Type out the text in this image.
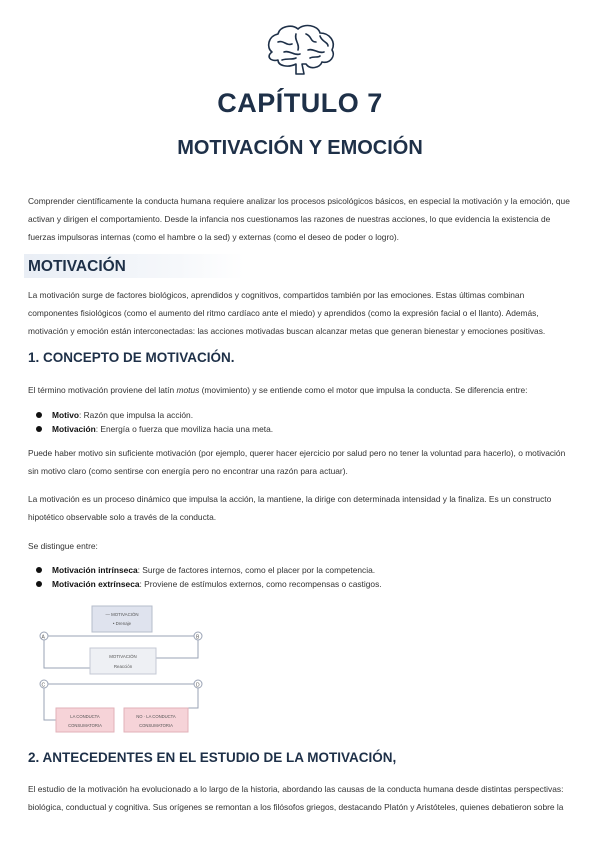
CAPÍTULO 7
MOTIVACIÓN Y EMOCIÓN

Comprender científicamente la conducta humana requiere analizar los procesos psicológicos básicos, en especial la motivación y la emoción, que activan y dirigen el comportamiento. Desde la infancia nos cuestionamos las razones de nuestras acciones, lo que evidencia la existencia de fuerzas impulsoras internas (como el hambre o la sed) y externas (como el deseo de poder o logro).

MOTIVACIÓN

La motivación surge de factores biológicos, aprendidos y cognitivos, compartidos también por las emociones. Estas últimas combinan componentes fisiológicos (como el aumento del ritmo cardíaco ante el miedo) y aprendidos (como la expresión facial o el llanto). Además, motivación y emoción están interconectadas: las acciones motivadas buscan alcanzar metas que generan bienestar y emociones positivas.

1. CONCEPTO DE MOTIVACIÓN.

El término motivación proviene del latín motus (movimiento) y se entiende como el motor que impulsa la conducta. Se diferencia entre:

Motivo: Razón que impulsa la acción.
Motivación: Energía o fuerza que moviliza hacia una meta.

Puede haber motivo sin suficiente motivación (por ejemplo, querer hacer ejercicio por salud pero no tener la voluntad para hacerlo), o motivación sin motivo claro (como sentirse con energía pero no encontrar una razón para actuar).

La motivación es un proceso dinámico que impulsa la acción, la mantiene, la dirige con determinada intensidad y la finaliza. Es un constructo hipotético observable solo a través de la conducta.

Se distingue entre:

Motivación intrínseca: Surge de factores internos, como el placer por la competencia.
Motivación extrínseca: Proviene de estímulos externos, como recompensas o castigos.
A	B
C	D
— MOTIVACIÓN
• Drenaje
MOTIVACIÓN
Reacción
LA CONDUCTA
CONSUMATORIA
NO · LA CONDUCTA
CONSUMATORIA
2. ANTECEDENTES EN EL ESTUDIO DE LA MOTIVACIÓN,

El estudio de la motivación ha evolucionado a lo largo de la historia, abordando las causas de la conducta humana desde distintas perspectivas: biológica, conductual y cognitiva. Sus orígenes se remontan a los filósofos griegos, destacando Platón y Aristóteles, quienes debatieron sobre la
